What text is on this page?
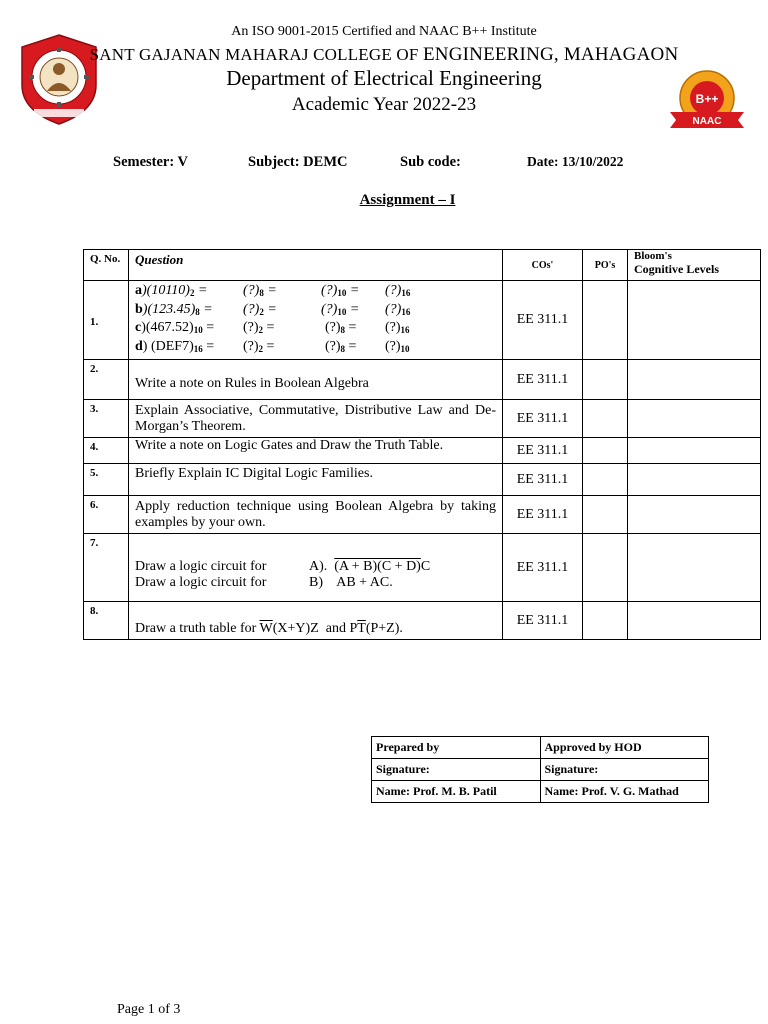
B++
NAAC
An ISO 9001-2015 Certified and NAAC B++ Institute
SANT GAJANAN MAHARAJ COLLEGE OF ENGINEERING, MAHAGAON
Department of Electrical Engineering
Academic Year 2022-23
Semester: V	Subject: DEMC	Sub code:	Date: 13/10/2022
Assignment – I
Q. No.	Question	COs'	PO's	Bloom's
Cognitive Levels

1.	a)(10110)2 = (?)8 = (?)10 = (?)16
b)(123.45)8 =(?)2 = (?)10 = (?)16
c)(467.52)10 =(?)2 = (?)8 = (?)16
d) (DEF7)16 =(?)2 = (?)8 = (?)10	EE 311.1		
2.	Write a note on Rules in Boolean Algebra	EE 311.1		
3.	Explain Associative, Commutative, Distributive Law and De-Morgan’s Theorem.	EE 311.1		
4.	Write a note on Logic Gates and Draw the Truth Table.	EE 311.1		
5.	Briefly Explain IC Digital Logic Families.	EE 311.1		
6.	Apply reduction technique using Boolean Algebra by taking examples by your own.	EE 311.1		
7.	Draw a logic circuit for A). (A + B)(C + D)C
Draw a logic circuit for B) AB + AC.	EE 311.1		
8.	Draw a truth table for $\overline{W}(X+Y)Z$  and $P\overline{T}(P+Z)$.	EE 311.1		
Prepared by	Approved by HOD
Signature:	Signature:
Name: Prof. M. B. Patil	Name: Prof. V. G. Mathad
Page 1 of 3
